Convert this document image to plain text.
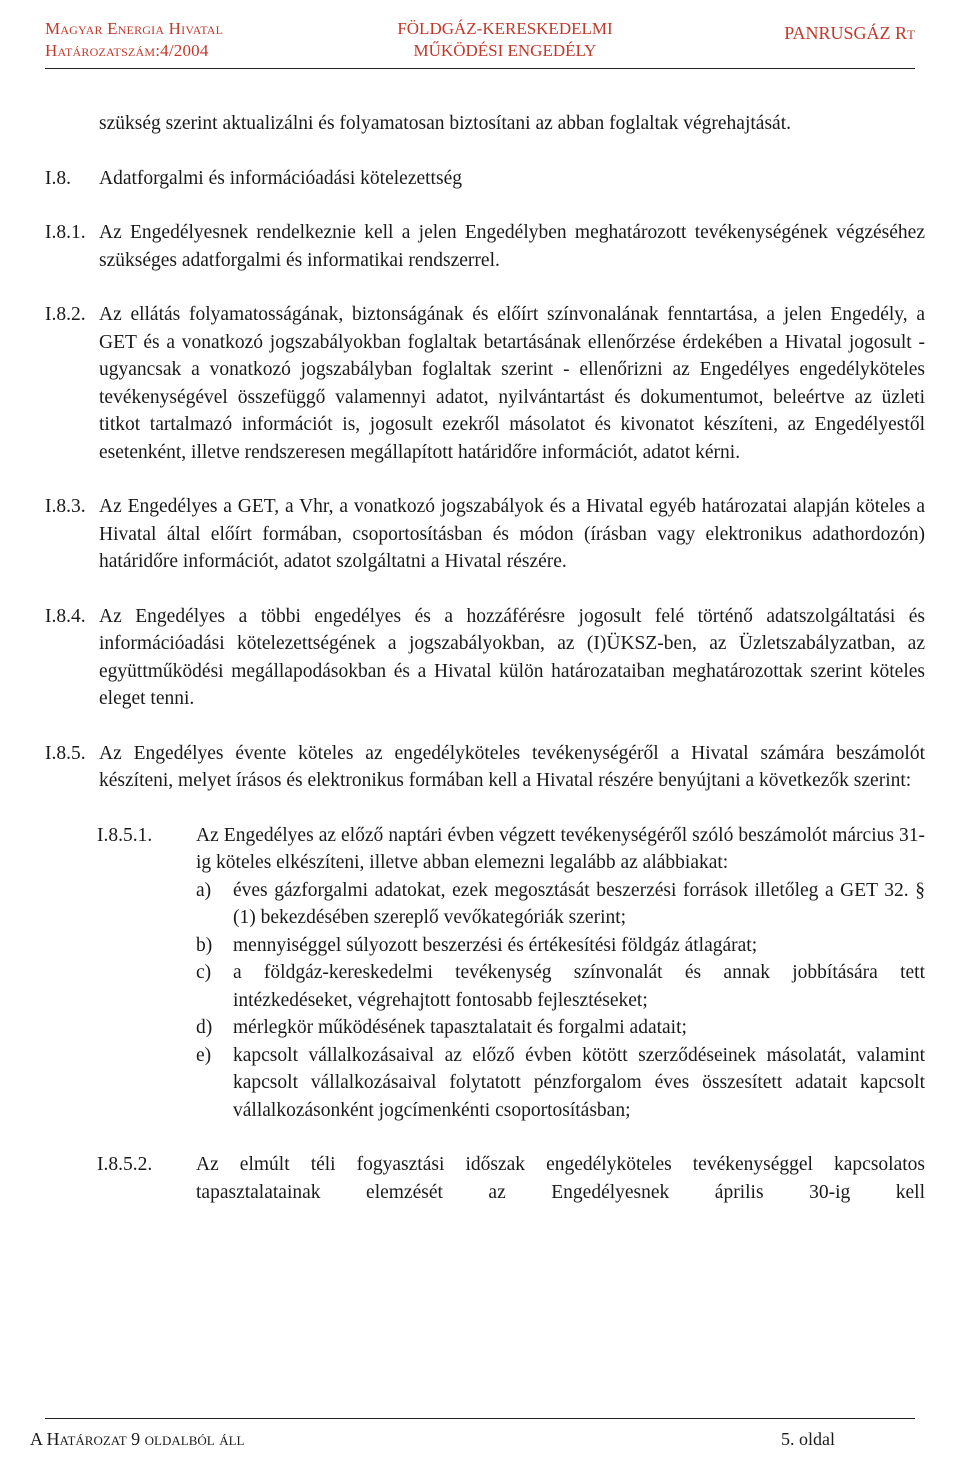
Magyar Energia Hivatal
Határozatszám:4/2004
FÖLDGÁZ-KERESKEDELMI
MŰKÖDÉSI ENGEDÉLY
PANRUSGÁZ Rt
szükség szerint aktualizálni és folyamatosan biztosítani az abban foglaltak végrehajtását.
I.8.	Adatforgalmi és információadási kötelezettség
I.8.1. Az Engedélyesnek rendelkeznie kell a jelen Engedélyben meghatározott tevékenységének végzéséhez szükséges adatforgalmi és informatikai rendszerrel.
I.8.2. Az ellátás folyamatosságának, biztonságának és előírt színvonalának fenntartása, a jelen Engedély, a GET és a vonatkozó jogszabályokban foglaltak betartásának ellenőrzése érdekében a Hivatal jogosult - ugyancsak a vonatkozó jogszabályban foglaltak szerint - ellenőrizni az Engedélyes engedélyköteles tevékenységével összefüggő valamennyi adatot, nyilvántartást és dokumentumot, beleértve az üzleti titkot tartalmazó információt is, jogosult ezekről másolatot és kivonatot készíteni, az Engedélyestől esetenként, illetve rendszeresen megállapított határidőre információt, adatot kérni.
I.8.3. Az Engedélyes a GET, a Vhr, a vonatkozó jogszabályok és a Hivatal egyéb határozatai alapján köteles a Hivatal által előírt formában, csoportosításban és módon (írásban vagy elektronikus adathordozón) határidőre információt, adatot szolgáltatni a Hivatal részére.
I.8.4. Az Engedélyes a többi engedélyes és a hozzáférésre jogosult felé történő adatszolgáltatási és információadási kötelezettségének a jogszabályokban, az (I)ÜKSZ-ben, az Üzletszabályzatban, az együttműködési megállapodásokban és a Hivatal külön határozataiban meghatározottak szerint köteles eleget tenni.
I.8.5. Az Engedélyes évente köteles az engedélyköteles tevékenységéről a Hivatal számára beszámolót készíteni, melyet írásos és elektronikus formában kell a Hivatal részére benyújtani a következők szerint:
I.8.5.1.	Az Engedélyes az előző naptári évben végzett tevékenységéről szóló beszámolót március 31-ig köteles elkészíteni, illetve abban elemezni legalább az alábbiakat:
a)	éves gázforgalmi adatokat, ezek megosztását beszerzési források illetőleg a GET 32. § (1) bekezdésében szereplő vevőkategóriák szerint;
b)	mennyiséggel súlyozott beszerzési és értékesítési földgáz átlagárat;
c)	a földgáz-kereskedelmi tevékenység színvonalát és annak jobbítására tett intézkedéseket, végrehajtott fontosabb fejlesztéseket;
d)	mérlegkör működésének tapasztalatait és forgalmi adatait;
e)	kapcsolt vállalkozásaival az előző évben kötött szerződéseinek másolatát, valamint kapcsolt vállalkozásaival folytatott pénzforgalom éves összesített adatait kapcsolt vállalkozásonként jogcímenkénti csoportosításban;
I.8.5.2.	Az elmúlt téli fogyasztási időszak engedélyköteles tevékenységgel kapcsolatos tapasztalatainak elemzését az Engedélyesnek április 30-ig kell
A Határozat 9 oldalból áll	5. oldal
